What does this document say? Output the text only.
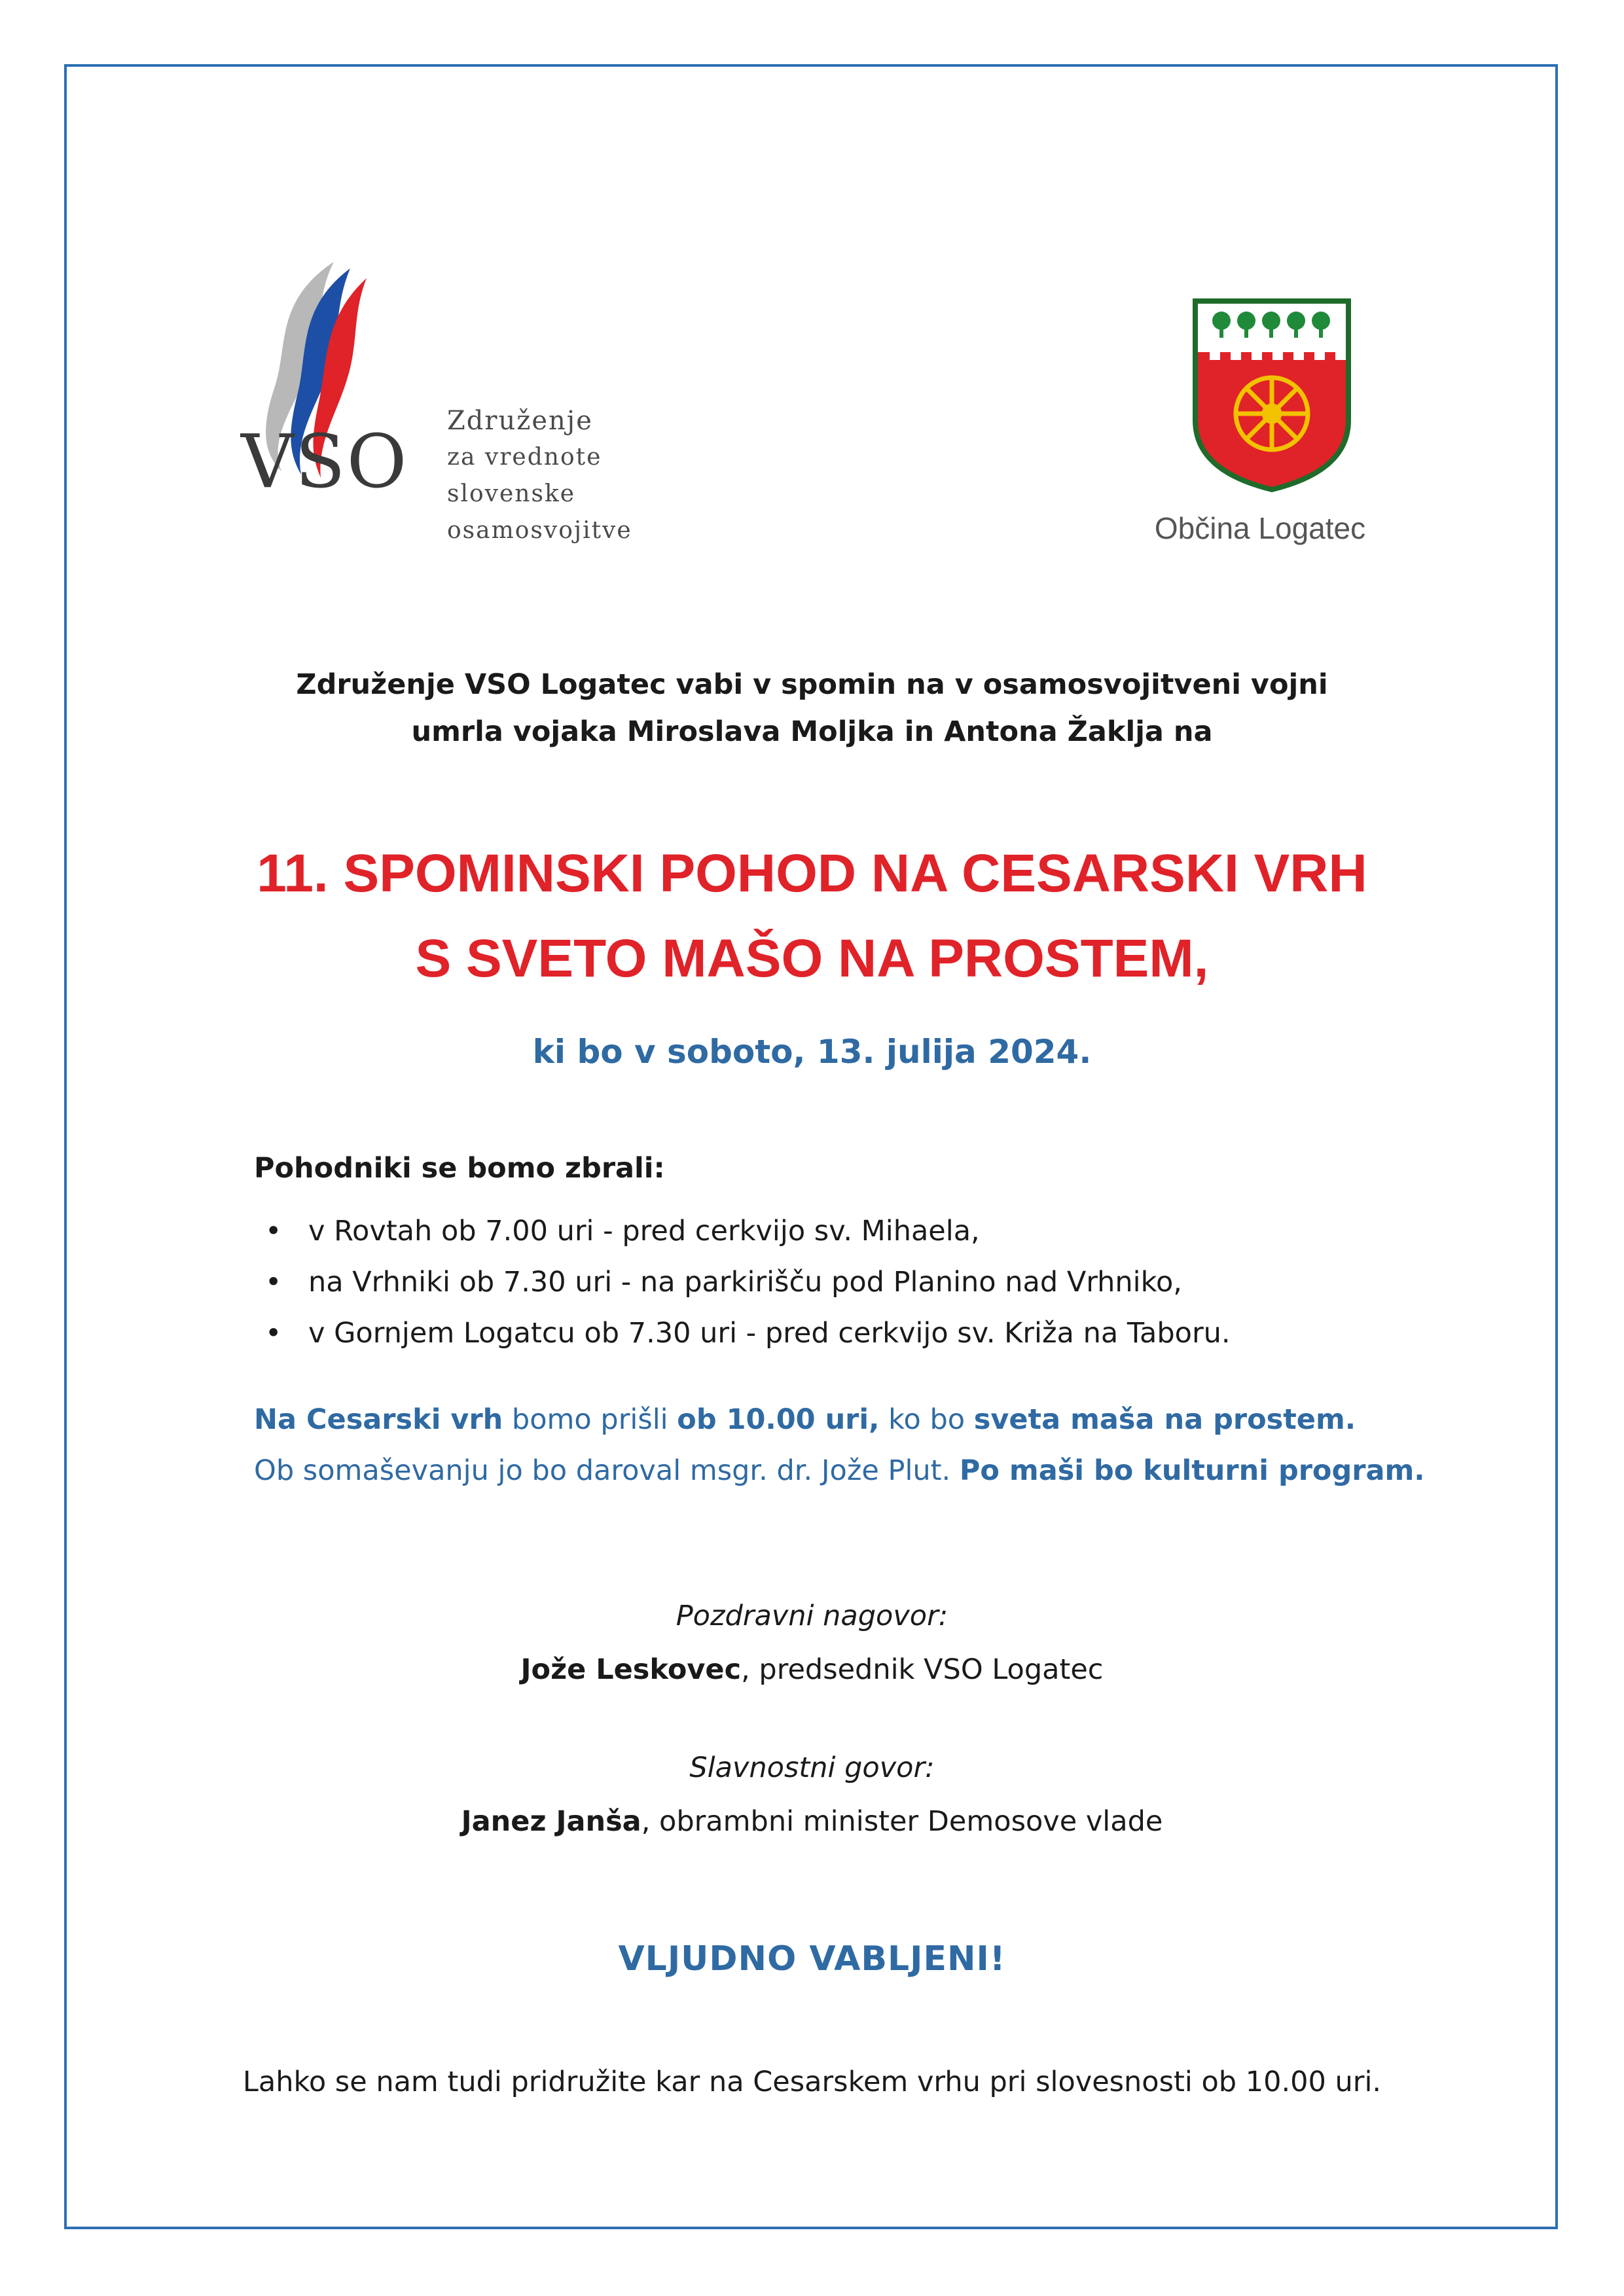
VSO Združenje
za vrednote
slovenske
osamosvojitve	Občina Logatec
Združenje VSO Logatec vabi v spomin na v osamosvojitveni vojni
umrla vojaka Miroslava Moljka in Antona Žaklja na
11. SPOMINSKI POHOD NA CESARSKI VRH
S SVETO MAŠO NA PROSTEM,
ki bo v soboto, 13. julija 2024.
Pohodniki se bomo zbrali:
• v Rovtah ob 7.00 uri - pred cerkvijo sv. Mihaela,
• na Vrhniki ob 7.30 uri - na parkirišču pod Planino nad Vrhniko,
• v Gornjem Logatcu ob 7.30 uri - pred cerkvijo sv. Križa na Taboru.
Na Cesarski vrh bomo prišli ob 10.00 uri, ko bo sveta maša na prostem.
Ob somaševanju jo bo daroval msgr. dr. Jože Plut. Po maši bo kulturni program.
Pozdravni nagovor:
Jože Leskovec, predsednik VSO Logatec
Slavnostni govor:
Janez Janša, obrambni minister Demosove vlade
VLJUDNO VABLJENI!
Lahko se nam tudi pridružite kar na Cesarskem vrhu pri slovesnosti ob 10.00 uri.
